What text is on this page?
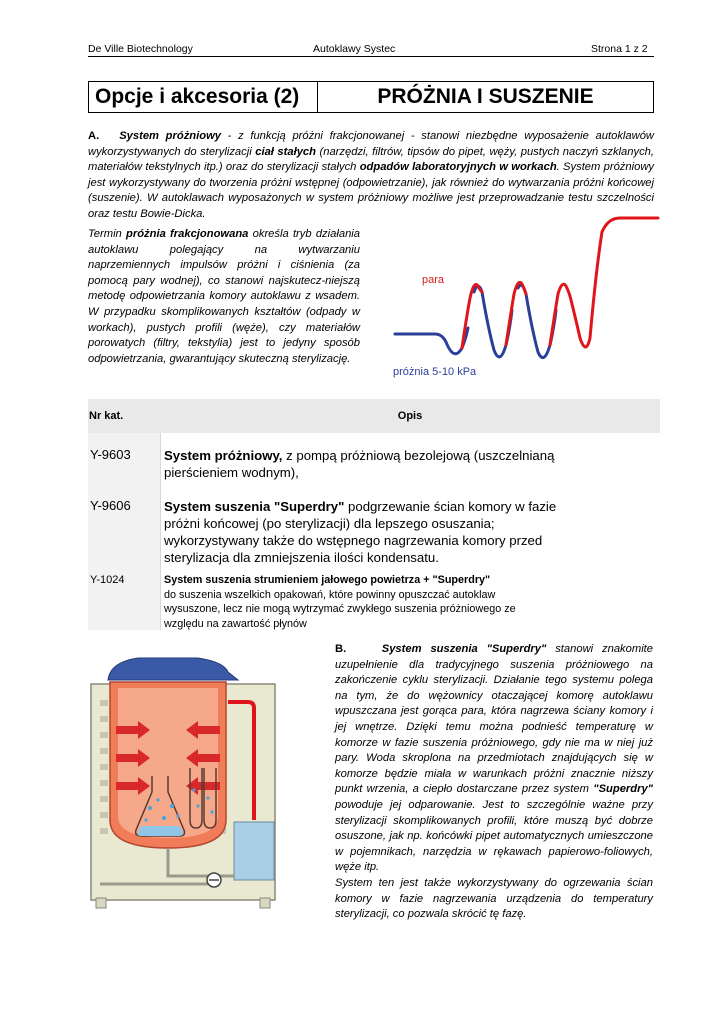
De Ville Biotechnology	Autoklawy Systec	Strona 1 z 2
Opcje i akcesoria (2)	PRÓŻNIA I SUSZENIE
A. System próżniowy - z funkcją próżni frakcjonowanej - stanowi niezbędne wyposażenie autoklawów wykorzystywanych do sterylizacji ciał stałych (narzędzi, filtrów, tipsów do pipet, węży, pustych naczyń szklanych, materiałów tekstylnych itp.) oraz do sterylizacji stałych odpadów laboratoryjnych w workach. System próżniowy jest wykorzystywany do tworzenia próżni wstępnej (odpowietrzanie), jak również do wytwarzania próżni końcowej (suszenie). W autoklawach wyposażonych w system próżniowy możliwe jest przeprowadzanie testu szczelności oraz testu Bowie-Dicka.
Termin próżnia frakcjonowana określa tryb działania autoklawu polegający na wytwarzaniu naprzemiennych impulsów próżni i ciśnienia (za pomocą pary wodnej), co stanowi najskutecz-niejszą metodę odpowietrzania komory autoklawu z wsadem. W przypadku skomplikowanych kształtów (odpady w workach), pustych profili (węże), czy materiałów porowatych (filtry, tekstylia) jest to jedyny sposób odpowietrzania, gwarantujący skuteczną sterylizację.
para
próżnia 5-10 kPa
Nr kat.	Opis
Y-9603	System próżniowy, z pompą próżniową bezolejową (uszczelnianą pierścieniem wodnym),
Y-9606	System suszenia "Superdry" podgrzewanie ścian komory w fazie próżni końcowej (po sterylizacji) dla lepszego osuszania; wykorzystywany także do wstępnego nagrzewania komory przed sterylizacja dla zmniejszenia ilości kondensatu.
Y-1024	System suszenia strumieniem jałowego powietrza + "Superdry"
do suszenia wszelkich opakowań, które powinny opuszczać autoklaw wysuszone, lecz nie mogą wytrzymać zwykłego suszenia próżniowego ze względu na zawartość płynów
B.	System suszenia "Superdry" stanowi znakomite uzupełnienie dla tradycyjnego suszenia próżniowego na zakończenie cyklu sterylizacji. Działanie tego systemu polega na tym, że do wężownicy otaczającej komorę autoklawu wpuszczana jest gorąca para, która nagrzewa ściany komory i jej wnętrze. Dzięki temu można podnieść temperaturę w komorze w fazie suszenia próżniowego, gdy nie ma w niej już pary. Woda skroplona na przedmiotach znajdujących się w komorze będzie miała w warunkach próżni znacznie niższy punkt wrzenia, a ciepło dostarczane przez system "Superdry" powoduje jej odparowanie. Jest to szczególnie ważne przy sterylizacji skomplikowanych profili, które muszą być dobrze osuszone, jak np. końcówki pipet automatycznych umieszczone w pojemnikach, narzędzia w rękawach papierowo-foliowych, węże itp.
System ten jest także wykorzystywany do ogrzewania ścian komory w fazie nagrzewania urządzenia do temperatury sterylizacji, co pozwala skrócić tę fazę.
